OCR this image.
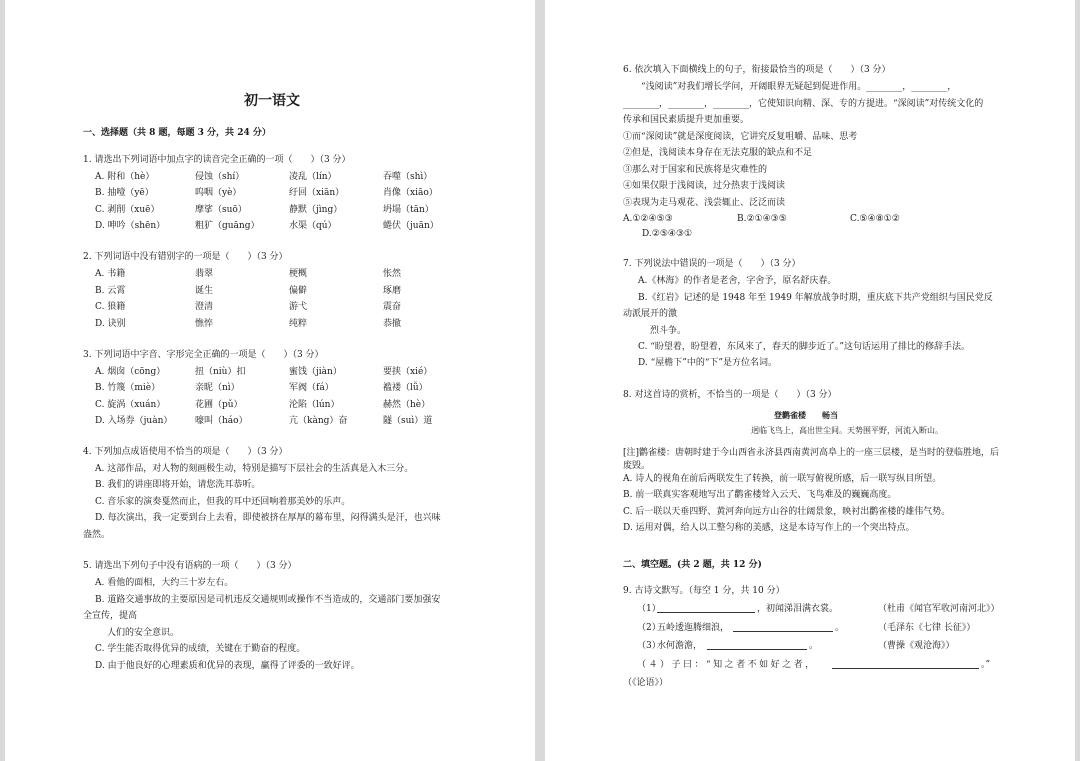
初一语文
一、选择题（共 8 题，每题 3 分，共 24 分）
1. 请选出下列词语中加点字的读音完全正确的一项（　　）（3 分）
A. 附和（hè）	侵蚀（shí）	凌乱（lín）	吞噬（shì）
B. 抽噎（yē）	呜咽（yè）	纡回（xiān）	肖像（xiāo）
C. 剥削（xuē）	摩挲（suō）	静默（jìng）	坍塌（tān）
D. 呻吟（shēn）	粗犷（guāng）	水渠（qú）	蜷伏（juān）
2. 下列词语中没有错别字的一项是（　　）（3 分）
A. 书籍	翡翠	梗概	怅然
B. 云霄	诞生	偏僻	琢磨
C. 狼籍	澄清	游弋	震奋
D. 诀别	憔悴	纯粹	恭撤
3. 下列词语中字音、字形完全正确的一项是（　　）（3 分）
A. 烟囱（cōng）	扭（niù）扣	蜜饯（jiàn）	要挟（xié）
B. 竹篾（miè）	亲昵（nì）	军阀（fá）	褴褛（lǚ）
C. 旋涡（xuán）	花圃（pǔ）	沦陷（lún）	赫然（hè）
D. 入场券（juàn）	嚎叫（háo）	亢（kàng）奋	隧（suì）道
4. 下列加点成语使用不恰当的项是（　　）（3 分）
A. 这部作品，对人物的刻画极生动，特别是描写下层社会的生活真是入木三分。
B. 我们的讲座即将开始，请您洗耳恭听。
C. 音乐家的演奏戛然而止，但我的耳中还回响着那美妙的乐声。
D. 每次演出，我一定要到台上去看，即使被挤在厚厚的幕布里，闷得满头是汗，也兴味
盎然。
5. 请选出下列句子中没有语病的一项（　　）（3 分）
A. 看他的面相，大约三十岁左右。
B. 道路交通事故的主要原因是司机违反交通规则或操作不当造成的，交通部门要加强安
全宣传，提高
人们的安全意识。
C. 学生能否取得优异的成绩，关键在于勤奋的程度。
D. 由于他良好的心理素质和优异的表现，赢得了评委的一致好评。
6. 依次填入下面横线上的句子，衔接最恰当的项是（　　）（3 分）
“浅阅读”对我们增长学问，开阔眼界无疑起到促进作用。________，________，
________，________，________，它使知识向精、深、专的方提进。“深阅读”对传统文化的
传承和国民素质提升更加重要。
①而“深阅读”就是深度阅读，它讲究反复咀嚼、品味、思考
②但是，浅阅读本身存在无法克服的缺点和不足
③那么对于国家和民族将是灾难性的
④如果仅限于浅阅读，过分热衷于浅阅读
⑤表现为走马观花、浅尝辄止、泛泛而读
A.①②④⑤③	B.②①④③⑤	C.⑤④⑧①②
D.②⑤④③①
7. 下列说法中错误的一项是（　　）（3 分）
A.《林海》的作者是老舍，字舍予，原名舒庆春。
B.《红岩》记述的是 1948 年至 1949 年解放战争时期，重庆底下共产党组织与国民党反
动派展开的激
烈斗争。
C. “盼望着，盼望着，东风来了，春天的脚步近了。”这句话运用了排比的修辞手法。
D. “屋檐下”中的“下”是方位名词。
8. 对这首诗的赏析，不恰当的一项是（　　）（3 分）
登鹳雀楼　　畅当
迥临飞鸟上，高出世尘间。天势围平野，河流入断山。
[注]鹳雀楼：唐朝时建于今山西省永济县西南黄河高阜上的一座三层楼，是当时的登临胜地，后
废毁。
A. 诗人的视角在前后两联发生了转换，前一联写俯视所感，后一联写纵目所望。
B. 前一联真实客观地写出了鹳雀楼耸入云天、飞鸟难及的巍巍高度。
C. 后一联以天垂四野、黄河奔向远方山谷的壮阔景象，映衬出鹳雀楼的雄伟气势。
D. 运用对偶，给人以工整匀称的美感，这是本诗写作上的一个突出特点。
二、填空题。(共 2 题，共 12 分)
9. 古诗文默写。（每空 1 分，共 10 分）
（1）	，初闻涕泪满衣裳。	（杜甫《闻官军收河南河北》）
（2）
五岭逶迤腾细浪，	。	（毛泽东《七律 长征》）
（3）
水何澹澹，	。	（曹操《观沧海》）
（４）子曰：“知之者不如好之者，	。”
（《论语》）
